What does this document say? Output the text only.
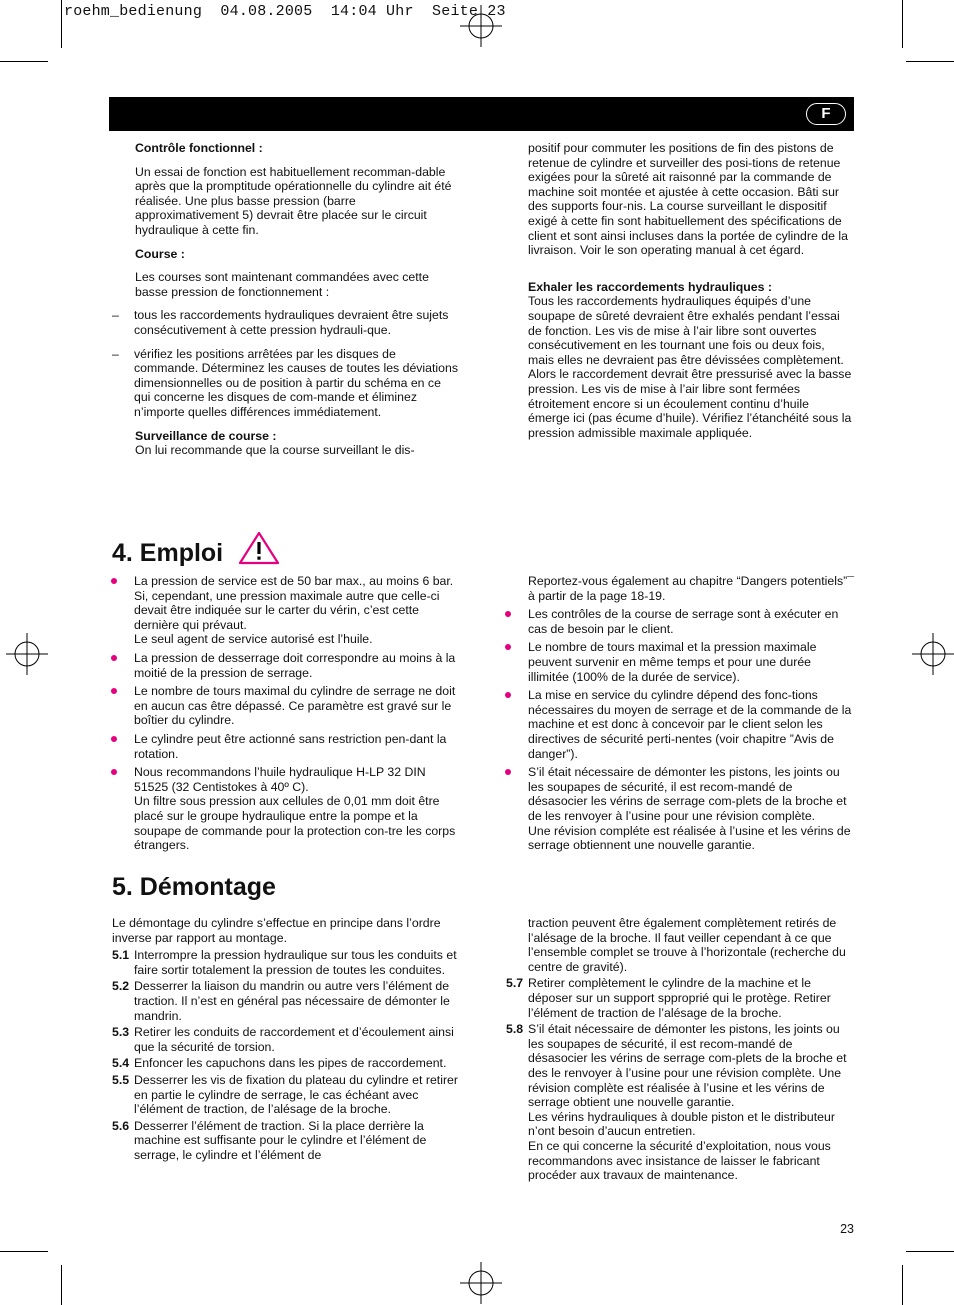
roehm_bedienung  04.08.2005  14:04 Uhr  Seite 23
F

Contrôle fonctionnel :

Un essai de fonction est habituellement recomman-dable après que la promptitude opérationnelle du cylindre ait été réalisée. Une plus basse pression (barre approximativement 5) devrait être placée sur le circuit hydraulique à cette fin.

Course :

Les courses sont maintenant commandées avec cette basse pression de fonctionnement :

– tous les raccordements hydrauliques devraient être sujets consécutivement à cette pression hydrauli-que.

– vérifiez les positions arrêtées par les disques de commande. Déterminez les causes de toutes les déviations dimensionnelles ou de position à partir du schéma en ce qui concerne les disques de com-mande et éliminez n’importe quelles différences immédiatement.

Surveillance de course :

On lui recommande que la course surveillant le dis-

positif pour commuter les positions de fin des pistons de retenue de cylindre et surveiller des posi-tions de retenue exigées pour la sûreté ait raisonné par la commande de machine soit montée et ajustée à cette occasion. Bâti sur des supports four-nis. La course surveillant le dispositif exigé à cette fin sont habituellement des spécifications de client et sont ainsi incluses dans la portée de cylindre de la livraison. Voir le son operating manual à cet égard.

Exhaler les raccordements hydrauliques :

Tous les raccordements hydrauliques équipés d’une soupape de sûreté devraient être exhalés pendant l’essai de fonction. Les vis de mise à l’air libre sont ouvertes consécutivement en les tournant une fois ou deux fois, mais elles ne devraient pas être dévissées complètement. Alors le raccordement devrait être pressurisé avec la basse pression. Les vis de mise à l’air libre sont fermées étroitement encore si un écoulement continu d’huile émerge ici (pas écume d’huile). Vérifiez l’étanchéité sous la pression admissible maximale appliquée.

4. Emploi

La pression de service est de 50 bar max., au moins 6 bar. Si, cependant, une pression maximale autre que celle-ci devait être indiquée sur le carter du vérin, c’est cette dernière qui prévaut.
Le seul agent de service autorisé est l’huile.

La pression de desserrage doit correspondre au moins à la moitié de la pression de serrage.

Le nombre de tours maximal du cylindre de serrage ne doit en aucun cas être dépassé. Ce paramètre est gravé sur le boîtier du cylindre.

Le cylindre peut être actionné sans restriction pen-dant la rotation.

Nous recommandons l’huile hydraulique H‑LP 32 DIN 51525 (32 Centistokes à 40º C).
Un filtre sous pression aux cellules de 0,01 mm doit être placé sur le groupe hydraulique entre la pompe et la soupape de commande pour la protection con-tre les corps étrangers.

Reportez-vous également au chapitre “Dangers potentiels”¯ à partir de la page 18-19.

Les contrôles de la course de serrage sont à exécuter en cas de besoin par le client.

Le nombre de tours maximal et la pression maximale peuvent survenir en même temps et pour une durée illimitée (100% de la durée de service).

La mise en service du cylindre dépend des fonc-tions nécessaires du moyen de serrage et de la commande de la machine et est donc à concevoir par le client selon les directives de sécurité perti-nentes (voir chapitre ”Avis de danger”).

S’il était nécessaire de démonter les pistons, les joints ou les soupapes de sécurité, il est recom-mandé de désasocier les vérins de serrage com-plets de la broche et de les renvoyer à l’usine pour une révision complète.
Une révision compléte est réalisée à l’usine et les vérins de serrage obtiennent une nouvelle garantie.

5. Démontage

Le démontage du cylindre s’effectue en principe dans l’ordre inverse par rapport au montage.

5.1 Interrompre la pression hydraulique sur tous les conduits et faire sortir totalement la pression de toutes les conduites.
5.2 Desserrer la liaison du mandrin ou autre vers l’élément de traction. Il n’est en général pas nécessaire de démonter le mandrin.
5.3 Retirer les conduits de raccordement et d’écoulement ainsi que la sécurité de torsion.
5.4 Enfoncer les capuchons dans les pipes de raccordement.
5.5 Desserrer les vis de fixation du plateau du cylindre et retirer en partie le cylindre de serrage, le cas échéant avec l’élément de traction, de l’alésage de la broche.
5.6 Desserrer l’élément de traction. Si la place derrière la machine est suffisante pour le cylindre et l’élément de serrage, le cylindre et l’élément de

traction peuvent être également complètement retirés de l’alésage de la broche. Il faut veiller cependant à ce que l’ensemble complet se trouve à l’horizontale (recherche du centre de gravité).

5.7 Retirer complètement le cylindre de la machine et le déposer sur un support spproprié qui le protège. Retirer l’élément de traction de l’alésage de la broche.
5.8 S’il était nécessaire de démonter les pistons, les joints ou les soupapes de sécurité, il est recom-mandé de désasocier les vérins de serrage com-plets de la broche et des le renvoyer à l’usine pour une révision complète. Une révision complète est réalisée à l’usine et les vérins de serrage obtient une nouvelle garantie.
Les vérins hydrauliques à double piston et le distributeur n’ont besoin d’aucun entretien.
En ce qui concerne la sécurité d’exploitation, nous vous recommandons avec insistance de laisser le fabricant procéder aux travaux de maintenance.
23
